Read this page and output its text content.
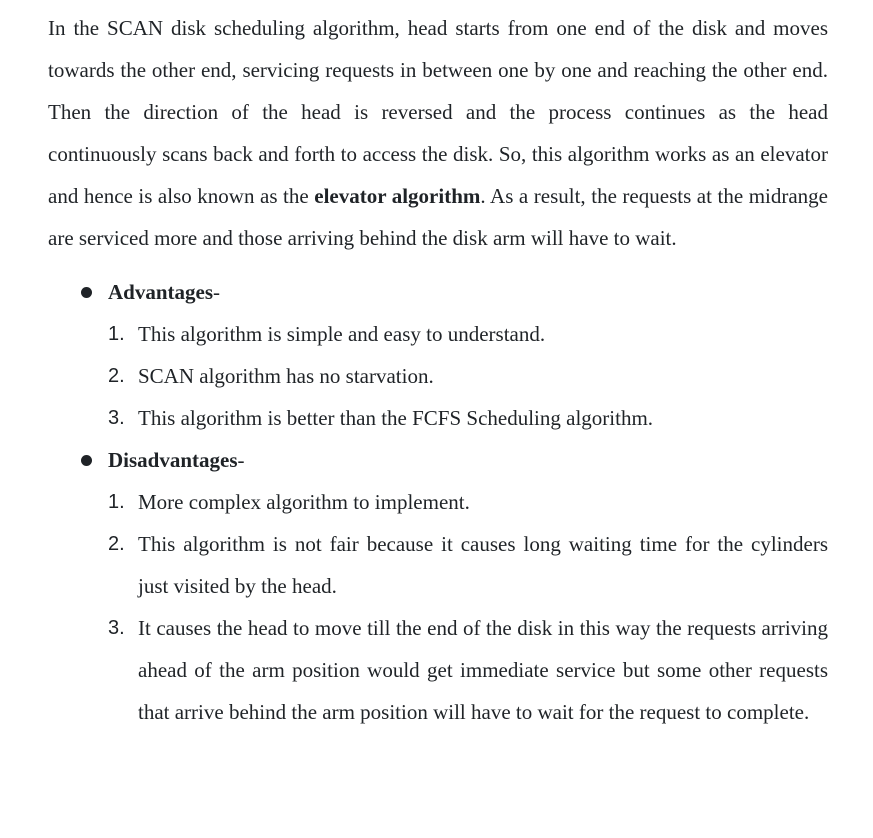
In the SCAN disk scheduling algorithm, head starts from one end of the disk and moves towards the other end, servicing requests in between one by one and reaching the other end. Then the direction of the head is reversed and the process continues as the head continuously scans back and forth to access the disk. So, this algorithm works as an elevator and hence is also known as the elevator algorithm. As a result, the requests at the midrange are serviced more and those arriving behind the disk arm will have to wait.

Advantages-
1. This algorithm is simple and easy to understand.
2. SCAN algorithm has no starvation.
3. This algorithm is better than the FCFS Scheduling algorithm.
Disadvantages-
1. More complex algorithm to implement.
2. This algorithm is not fair because it causes long waiting time for the cylinders just visited by the head.
3. It causes the head to move till the end of the disk in this way the requests arriving ahead of the arm position would get immediate service but some other requests that arrive behind the arm position will have to wait for the request to complete.
